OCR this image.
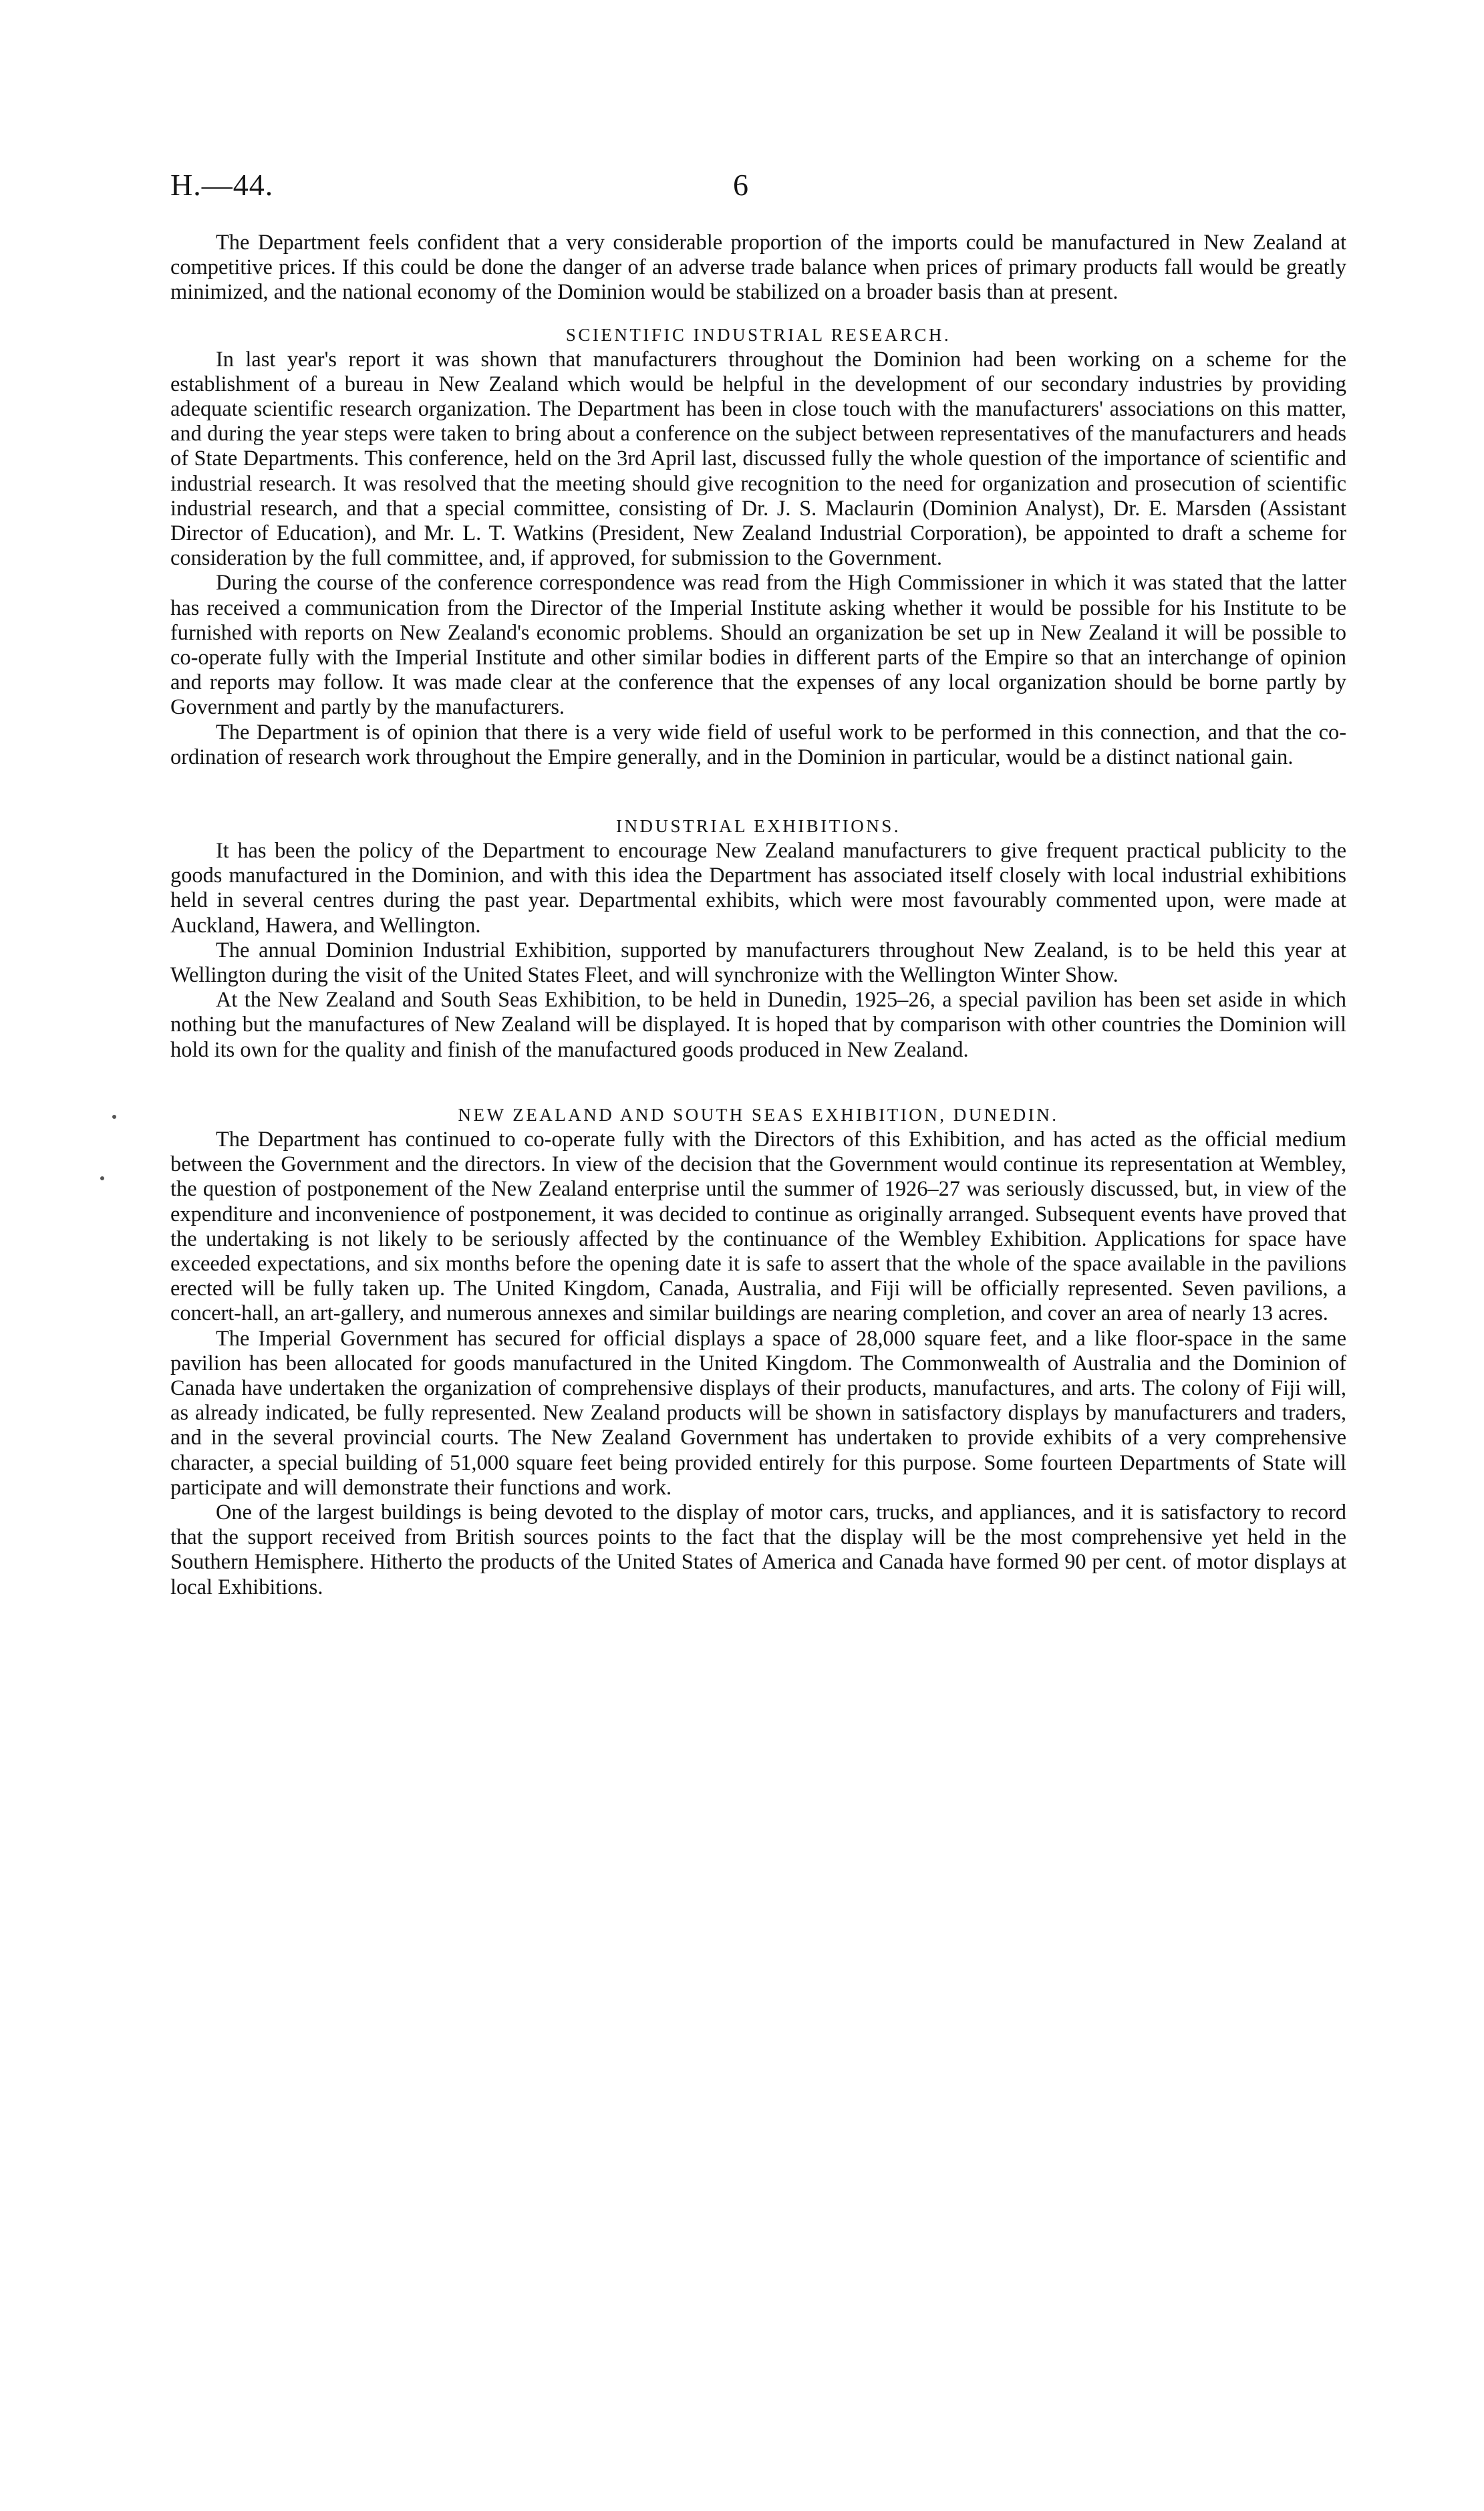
H.—44.	6

The Department feels confident that a very considerable proportion of the imports could be manufactured in New Zealand at competitive prices. If this could be done the danger of an adverse trade balance when prices of primary products fall would be greatly minimized, and the national economy of the Dominion would be stabilized on a broader basis than at present.

SCIENTIFIC INDUSTRIAL RESEARCH.

In last year's report it was shown that manufacturers throughout the Dominion had been working on a scheme for the establishment of a bureau in New Zealand which would be helpful in the development of our secondary industries by providing adequate scientific research organization. The Department has been in close touch with the manufacturers' associations on this matter, and during the year steps were taken to bring about a conference on the subject between representatives of the manufacturers and heads of State Departments. This conference, held on the 3rd April last, discussed fully the whole question of the importance of scientific and industrial research. It was resolved that the meeting should give recognition to the need for organization and prosecution of scientific industrial research, and that a special committee, consisting of Dr. J. S. Maclaurin (Dominion Analyst), Dr. E. Marsden (Assistant Director of Education), and Mr. L. T. Watkins (President, New Zealand Industrial Corporation), be appointed to draft a scheme for consideration by the full committee, and, if approved, for submission to the Government.

During the course of the conference correspondence was read from the High Commissioner in which it was stated that the latter has received a communication from the Director of the Imperial Institute asking whether it would be possible for his Institute to be furnished with reports on New Zealand's economic problems. Should an organization be set up in New Zealand it will be possible to co-operate fully with the Imperial Institute and other similar bodies in different parts of the Empire so that an interchange of opinion and reports may follow. It was made clear at the conference that the expenses of any local organization should be borne partly by Government and partly by the manufacturers.

The Department is of opinion that there is a very wide field of useful work to be performed in this connection, and that the co-ordination of research work throughout the Empire generally, and in the Dominion in particular, would be a distinct national gain.

INDUSTRIAL EXHIBITIONS.

It has been the policy of the Department to encourage New Zealand manufacturers to give frequent practical publicity to the goods manufactured in the Dominion, and with this idea the Department has associated itself closely with local industrial exhibitions held in several centres during the past year. Departmental exhibits, which were most favourably commented upon, were made at Auckland, Hawera, and Wellington.

The annual Dominion Industrial Exhibition, supported by manufacturers throughout New Zealand, is to be held this year at Wellington during the visit of the United States Fleet, and will synchronize with the Wellington Winter Show.

At the New Zealand and South Seas Exhibition, to be held in Dunedin, 1925–26, a special pavilion has been set aside in which nothing but the manufactures of New Zealand will be displayed. It is hoped that by comparison with other countries the Dominion will hold its own for the quality and finish of the manufactured goods produced in New Zealand.

NEW ZEALAND AND SOUTH SEAS EXHIBITION, DUNEDIN.

The Department has continued to co-operate fully with the Directors of this Exhibition, and has acted as the official medium between the Government and the directors. In view of the decision that the Government would continue its representation at Wembley, the question of postponement of the New Zealand enterprise until the summer of 1926–27 was seriously discussed, but, in view of the expenditure and inconvenience of postponement, it was decided to continue as originally arranged. Subsequent events have proved that the undertaking is not likely to be seriously affected by the continuance of the Wembley Exhibition. Applications for space have exceeded expectations, and six months before the opening date it is safe to assert that the whole of the space available in the pavilions erected will be fully taken up. The United Kingdom, Canada, Australia, and Fiji will be officially represented. Seven pavilions, a concert-hall, an art-gallery, and numerous annexes and similar buildings are nearing completion, and cover an area of nearly 13 acres.

The Imperial Government has secured for official displays a space of 28,000 square feet, and a like floor-space in the same pavilion has been allocated for goods manufactured in the United Kingdom. The Commonwealth of Australia and the Dominion of Canada have undertaken the organization of comprehensive displays of their products, manufactures, and arts. The colony of Fiji will, as already indicated, be fully represented. New Zealand products will be shown in satisfactory displays by manufacturers and traders, and in the several provincial courts. The New Zealand Government has undertaken to provide exhibits of a very comprehensive character, a special building of 51,000 square feet being provided entirely for this purpose. Some fourteen Departments of State will participate and will demonstrate their functions and work.

One of the largest buildings is being devoted to the display of motor cars, trucks, and appliances, and it is satisfactory to record that the support received from British sources points to the fact that the display will be the most comprehensive yet held in the Southern Hemisphere. Hitherto the products of the United States of America and Canada have formed 90 per cent. of motor displays at local Exhibitions.
